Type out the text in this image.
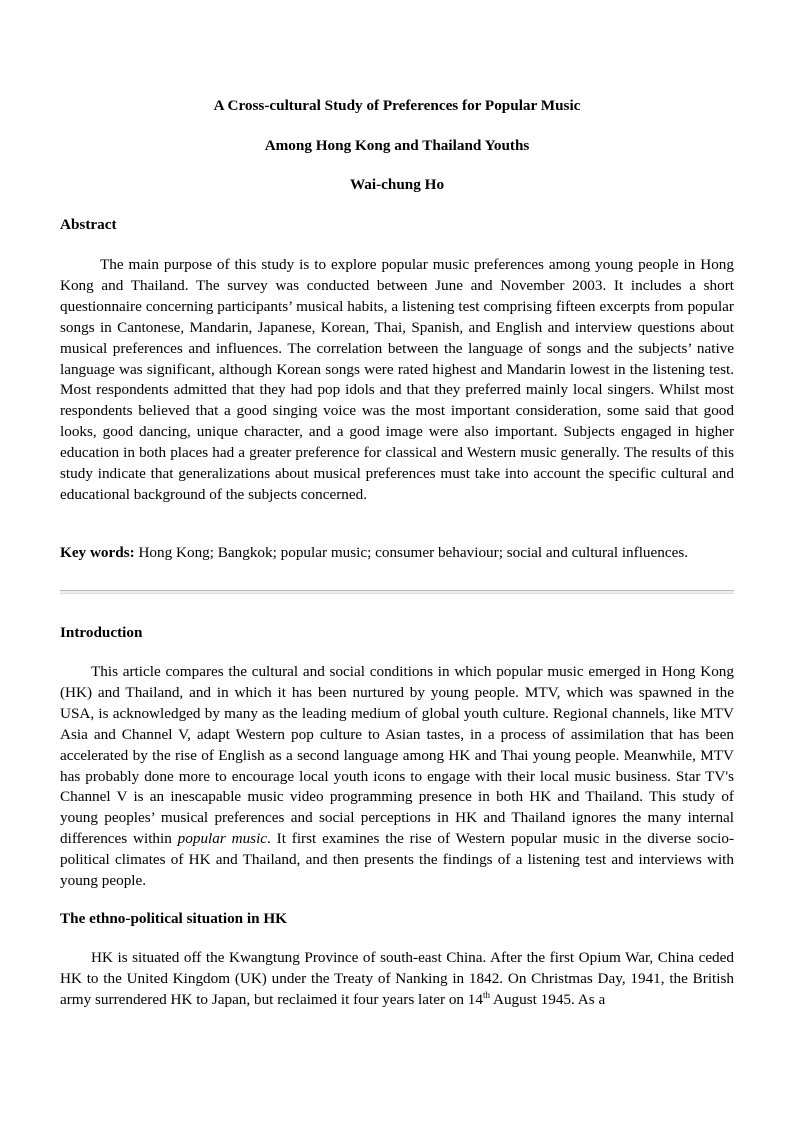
A Cross-cultural Study of Preferences for Popular Music

Among Hong Kong and Thailand Youths

Wai-chung Ho

Abstract

The main purpose of this study is to explore popular music preferences among young people in Hong Kong and Thailand. The survey was conducted between June and November 2003. It includes a short questionnaire concerning participants’ musical habits, a listening test comprising fifteen excerpts from popular songs in Cantonese, Mandarin, Japanese, Korean, Thai, Spanish, and English and interview questions about musical preferences and influences. The correlation between the language of songs and the subjects’ native language was significant, although Korean songs were rated highest and Mandarin lowest in the listening test. Most respondents admitted that they had pop idols and that they preferred mainly local singers. Whilst most respondents believed that a good singing voice was the most important consideration, some said that good looks, good dancing, unique character, and a good image were also important. Subjects engaged in higher education in both places had a greater preference for classical and Western music generally. The results of this study indicate that generalizations about musical preferences must take into account the specific cultural and educational background of the subjects concerned.

Key words: Hong Kong; Bangkok; popular music; consumer behaviour; social and cultural influences.

Introduction

This article compares the cultural and social conditions in which popular music emerged in Hong Kong (HK) and Thailand, and in which it has been nurtured by young people. MTV, which was spawned in the USA, is acknowledged by many as the leading medium of global youth culture. Regional channels, like MTV Asia and Channel V, adapt Western pop culture to Asian tastes, in a process of assimilation that has been accelerated by the rise of English as a second language among HK and Thai young people. Meanwhile, MTV has probably done more to encourage local youth icons to engage with their local music business. Star TV's Channel V is an inescapable music video programming presence in both HK and Thailand. This study of young peoples’ musical preferences and social perceptions in HK and Thailand ignores the many internal differences within popular music. It first examines the rise of Western popular music in the diverse socio-political climates of HK and Thailand, and then presents the findings of a listening test and interviews with young people.

The ethno-political situation in HK

HK is situated off the Kwangtung Province of south-east China. After the first Opium War, China ceded HK to the United Kingdom (UK) under the Treaty of Nanking in 1842. On Christmas Day, 1941, the British army surrendered HK to Japan, but reclaimed it four years later on 14th August 1945. As a
